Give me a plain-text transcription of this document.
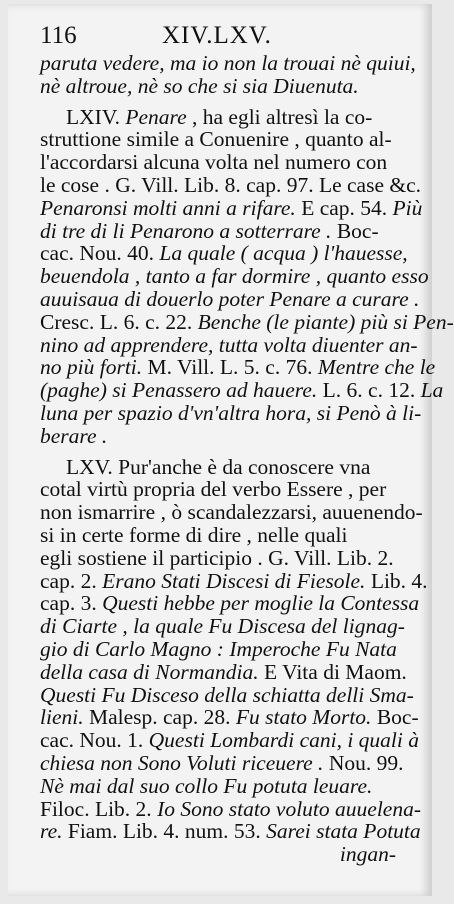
116	XIV.LXV.
paruta vedere, ma io non la trouai nè quiui,
nè altroue, nè so che si sia Diuenuta.
LXIV. Penare , ha egli altresì la co-
struttione simile a Conuenire , quanto al-
l'accordarsi alcuna volta nel numero con
le cose . G. Vill. Lib. 8. cap. 97. Le case &c.
Penaronsi molti anni a rifare. E cap. 54. Più
di tre di li Penarono a sotterrare . Boc-
cac. Nou. 40. La quale ( acqua ) l'hauesse,
beuendola , tanto a far dormire , quanto esso
auuisaua di douerlo poter Penare a curare .
Cresc. L. 6. c. 22. Benche (le piante) più si Pen-
nino ad apprendere, tutta volta diuenter an-
no più forti. M. Vill. L. 5. c. 76. Mentre che le
(paghe) si Penassero ad hauere. L. 6. c. 12. La
luna per spazio d'vn'altra hora, si Penò à li-
berare .
LXV. Pur'anche è da conoscere vna
cotal virtù propria del verbo Essere , per
non ismarrire , ò scandalezzarsi, auuenendo-
si in certe forme di dire , nelle quali
egli sostiene il participio . G. Vill. Lib. 2.
cap. 2. Erano Stati Discesi di Fiesole. Lib. 4.
cap. 3. Questi hebbe per moglie la Contessa
di Ciarte , la quale Fu Discesa del lignag-
gio di Carlo Magno : Imperoche Fu Nata
della casa di Normandia. E Vita di Maom.
Questi Fu Disceso della schiatta delli Sma-
lieni. Malesp. cap. 28. Fu stato Morto. Boc-
cac. Nou. 1. Questi Lombardi cani, i quali à
chiesa non Sono Voluti riceuere . Nou. 99.
Nè mai dal suo collo Fu potuta leuare.
Filoc. Lib. 2. Io Sono stato voluto auuelena-
re. Fiam. Lib. 4. num. 53. Sarei stata Potuta
ingan-
